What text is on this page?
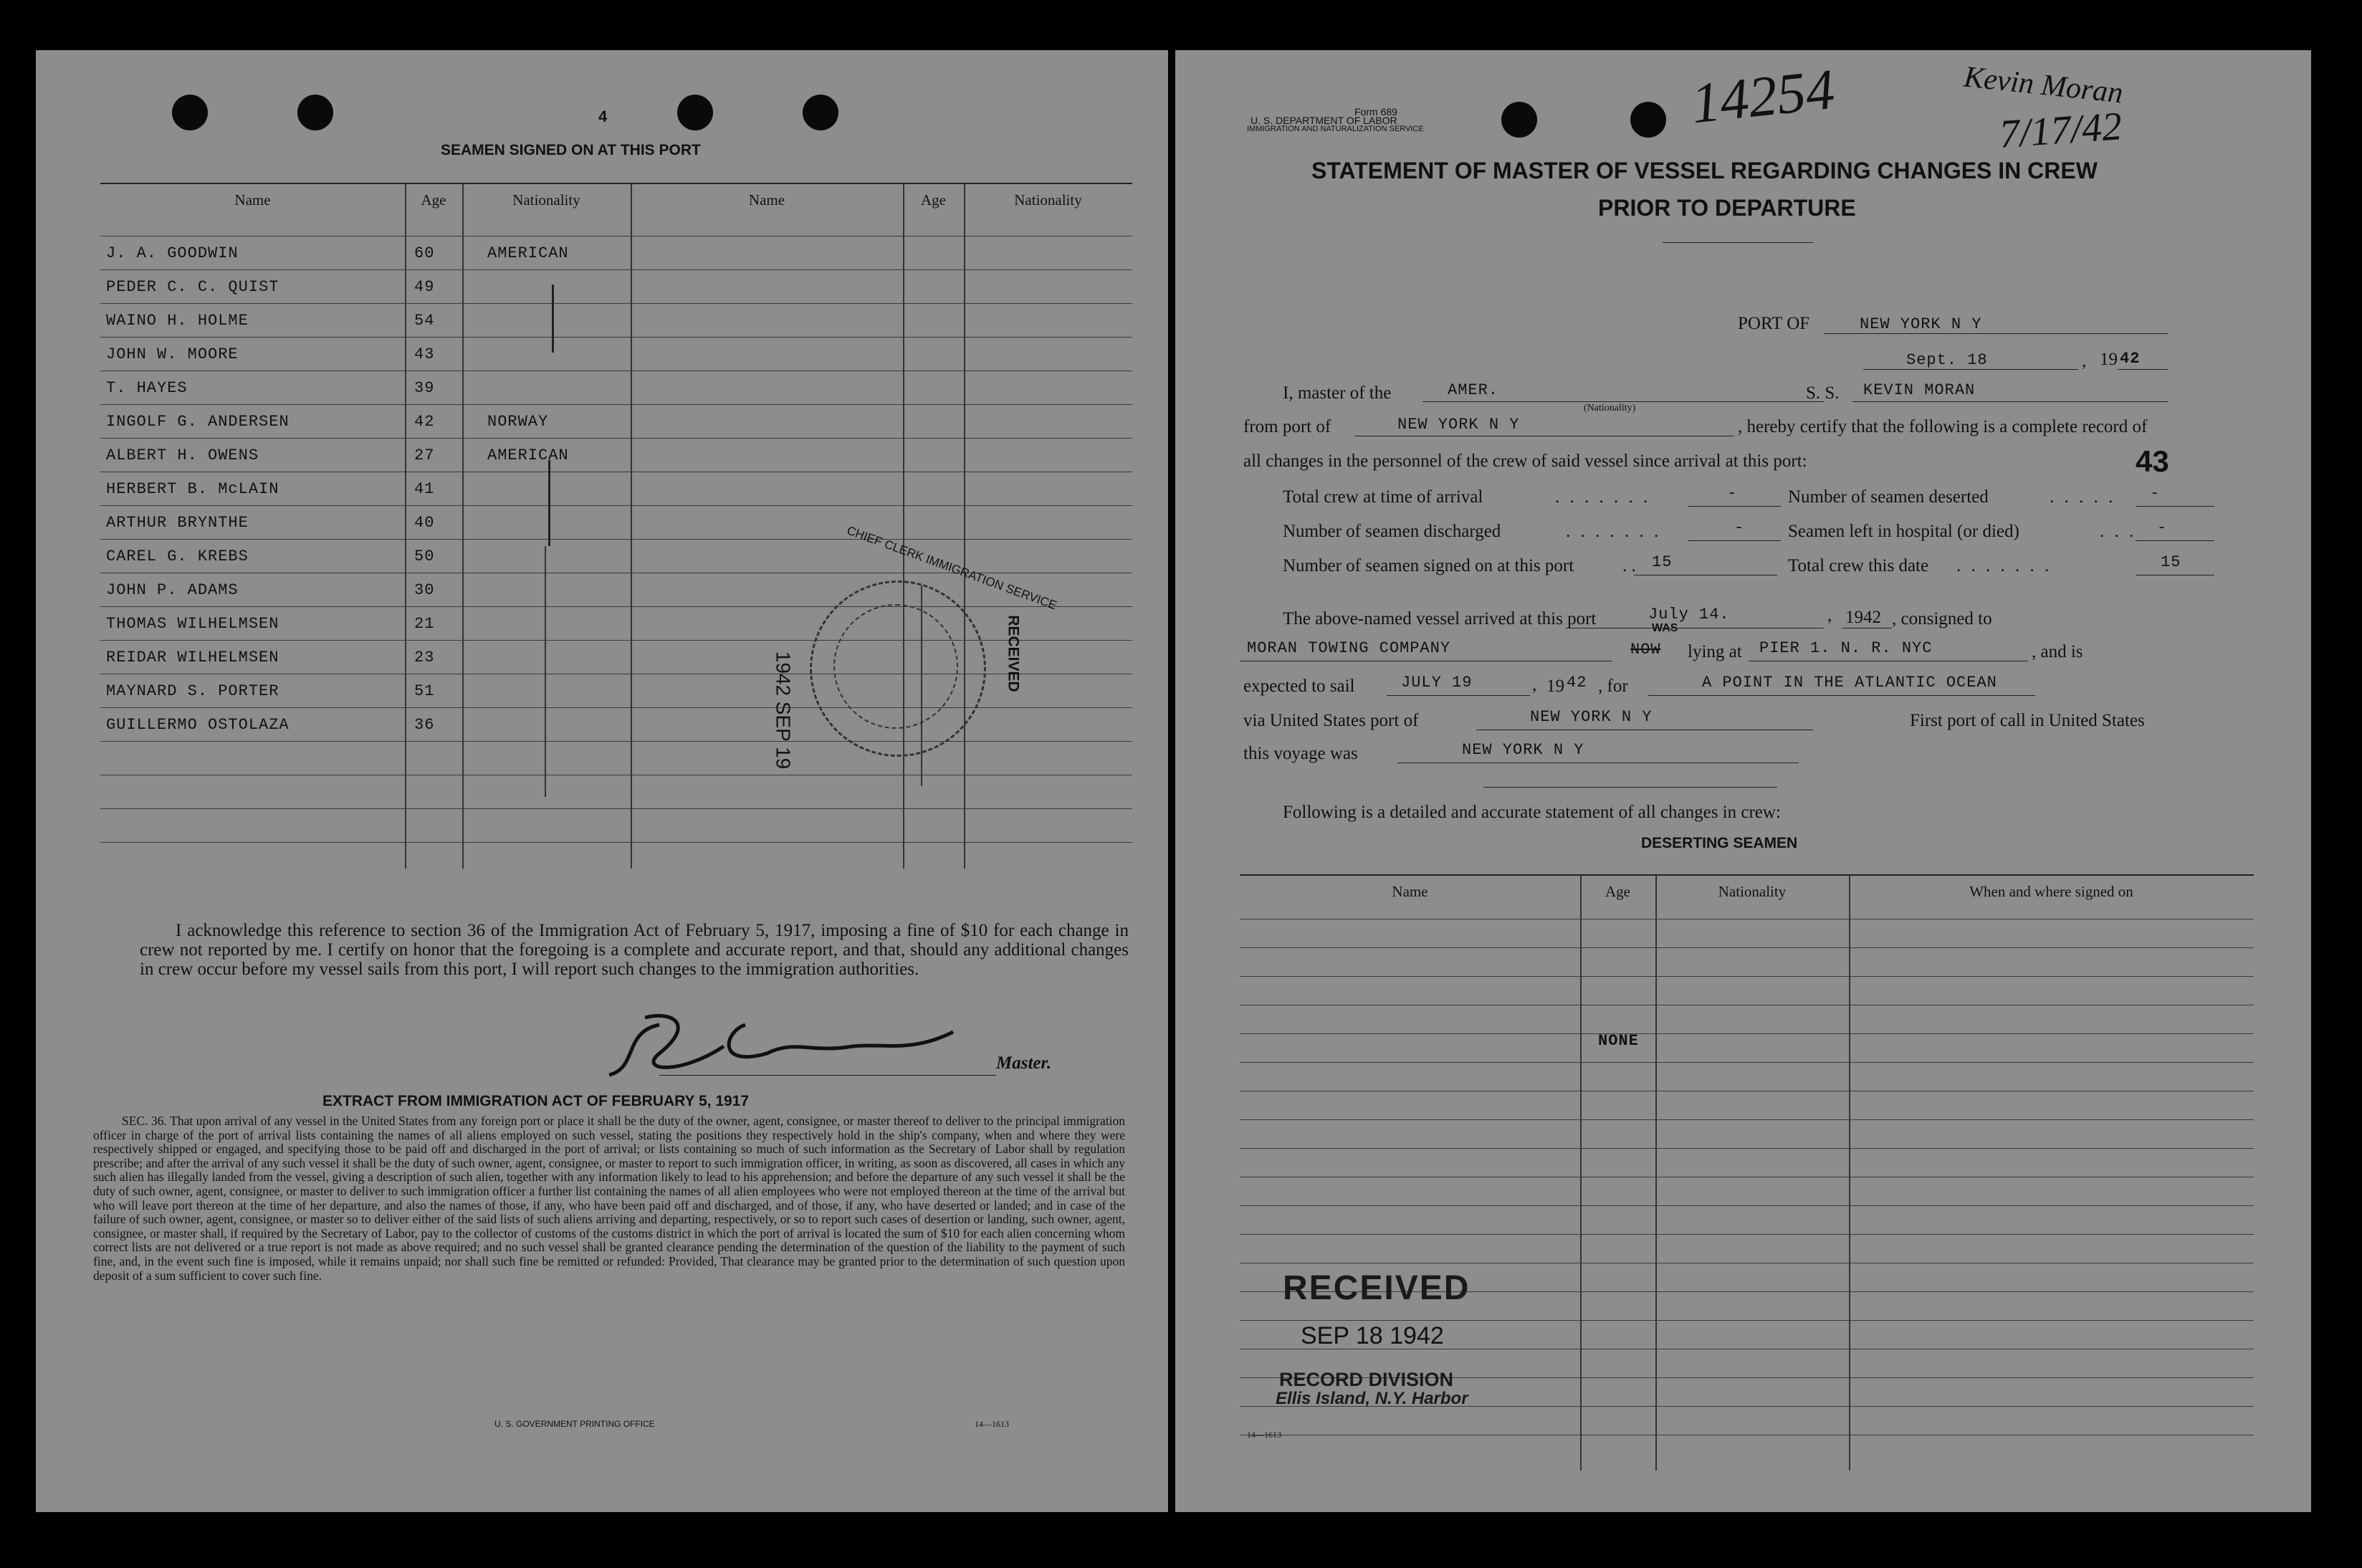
4
SEAMEN SIGNED ON AT THIS PORT
Name	Age	Nationality	Name	Age	Nationality
J. A. GOODWIN	60	AMERICAN
PEDER C. C. QUIST	49
WAINO H. HOLME	54
JOHN W. MOORE	43
T. HAYES	39
INGOLF G. ANDERSEN	42	NORWAY
ALBERT H. OWENS	27	AMERICAN
HERBERT B. McLAIN	41
ARTHUR BRYNTHE	40
CAREL G. KREBS	50
JOHN P. ADAMS	30
THOMAS WILHELMSEN	21
REIDAR WILHELMSEN	23
MAYNARD S. PORTER	51
GUILLERMO OSTOLAZA	36
CHIEF CLERK IMMIGRATION SERVICE
RECEIVED
1942 SEP 19
I acknowledge this reference to section 36 of the Immigration Act of February 5, 1917, imposing a fine of $10 for each change in crew not reported by me. I certify on honor that the foregoing is a complete and accurate report, and that, should any additional changes in crew occur before my vessel sails from this port, I will report such changes to the immigration authorities.
Master.
EXTRACT FROM IMMIGRATION ACT OF FEBRUARY 5, 1917
SEC. 36. That upon arrival of any vessel in the United States from any foreign port or place it shall be the duty of the owner, agent, consignee, or master thereof to deliver to the principal immigration officer in charge of the port of arrival lists containing the names of all aliens employed on such vessel, stating the positions they respectively hold in the ship's company, when and where they were respectively shipped or engaged, and specifying those to be paid off and discharged in the port of arrival; or lists containing so much of such information as the Secretary of Labor shall by regulation prescribe; and after the arrival of any such vessel it shall be the duty of such owner, agent, consignee, or master to report to such immigration officer, in writing, as soon as discovered, all cases in which any such alien has illegally landed from the vessel, giving a description of such alien, together with any information likely to lead to his apprehension; and before the departure of any such vessel it shall be the duty of such owner, agent, consignee, or master to deliver to such immigration officer a further list containing the names of all alien employees who were not employed thereon at the time of the arrival but who will leave port thereon at the time of her departure, and also the names of those, if any, who have been paid off and discharged, and of those, if any, who have deserted or landed; and in case of the failure of such owner, agent, consignee, or master so to deliver either of the said lists of such aliens arriving and departing, respectively, or so to report such cases of desertion or landing, such owner, agent, consignee, or master shall, if required by the Secretary of Labor, pay to the collector of customs of the customs district in which the port of arrival is located the sum of $10 for each alien concerning whom correct lists are not delivered or a true report is not made as above required; and no such vessel shall be granted clearance pending the determination of the question of the liability to the payment of such fine, and, in the event such fine is imposed, while it remains unpaid; nor shall such fine be remitted or refunded: Provided, That clearance may be granted prior to the determination of such question upon deposit of a sum sufficient to cover such fine.
U. S. GOVERNMENT PRINTING OFFICE	14—1613
Form 689
U. S. DEPARTMENT OF LABOR
IMMIGRATION AND NATURALIZATION SERVICE	14254	Kevin Moran
7/17/42
STATEMENT OF MASTER OF VESSEL REGARDING CHANGES IN CREW
PRIOR TO DEPARTURE
PORT OF	NEW YORK N Y
Sept. 18	, 19 42
I, master of the	AMER.	S. S. KEVIN MORAN
(Nationality)
from port of	NEW YORK N Y	, hereby certify that the following is a complete record of
all changes in the personnel of the crew of said vessel since arrival at this port:	43
Total crew at time of arrival	. . . . . . .	-	Number of seamen deserted	. . . . . -
Number of seamen discharged	. . . . . . .	- Seamen left in hospital (or died)	. . . -
Number of seamen signed on at this port	. . 15	Total crew this date . . . . . . .	15
The above-named vessel arrived at this port	July 14.
WAS
, 1942 , consigned to
MORAN TOWING COMPANY	NOW lying at PIER 1. N. R. NYC	, and is
expected to sail	JULY 19	, 19 42 , for	A POINT IN THE ATLANTIC OCEAN
via United States port of	NEW YORK N Y	First port of call in United States
this voyage was	NEW YORK N Y
Following is a detailed and accurate statement of all changes in crew:
DESERTING SEAMEN
Name	Age	Nationality	When and where signed on
NONE
RECEIVED
SEP 18 1942
RECORD DIVISION
Ellis Island, N.Y. Harbor
14—1613
